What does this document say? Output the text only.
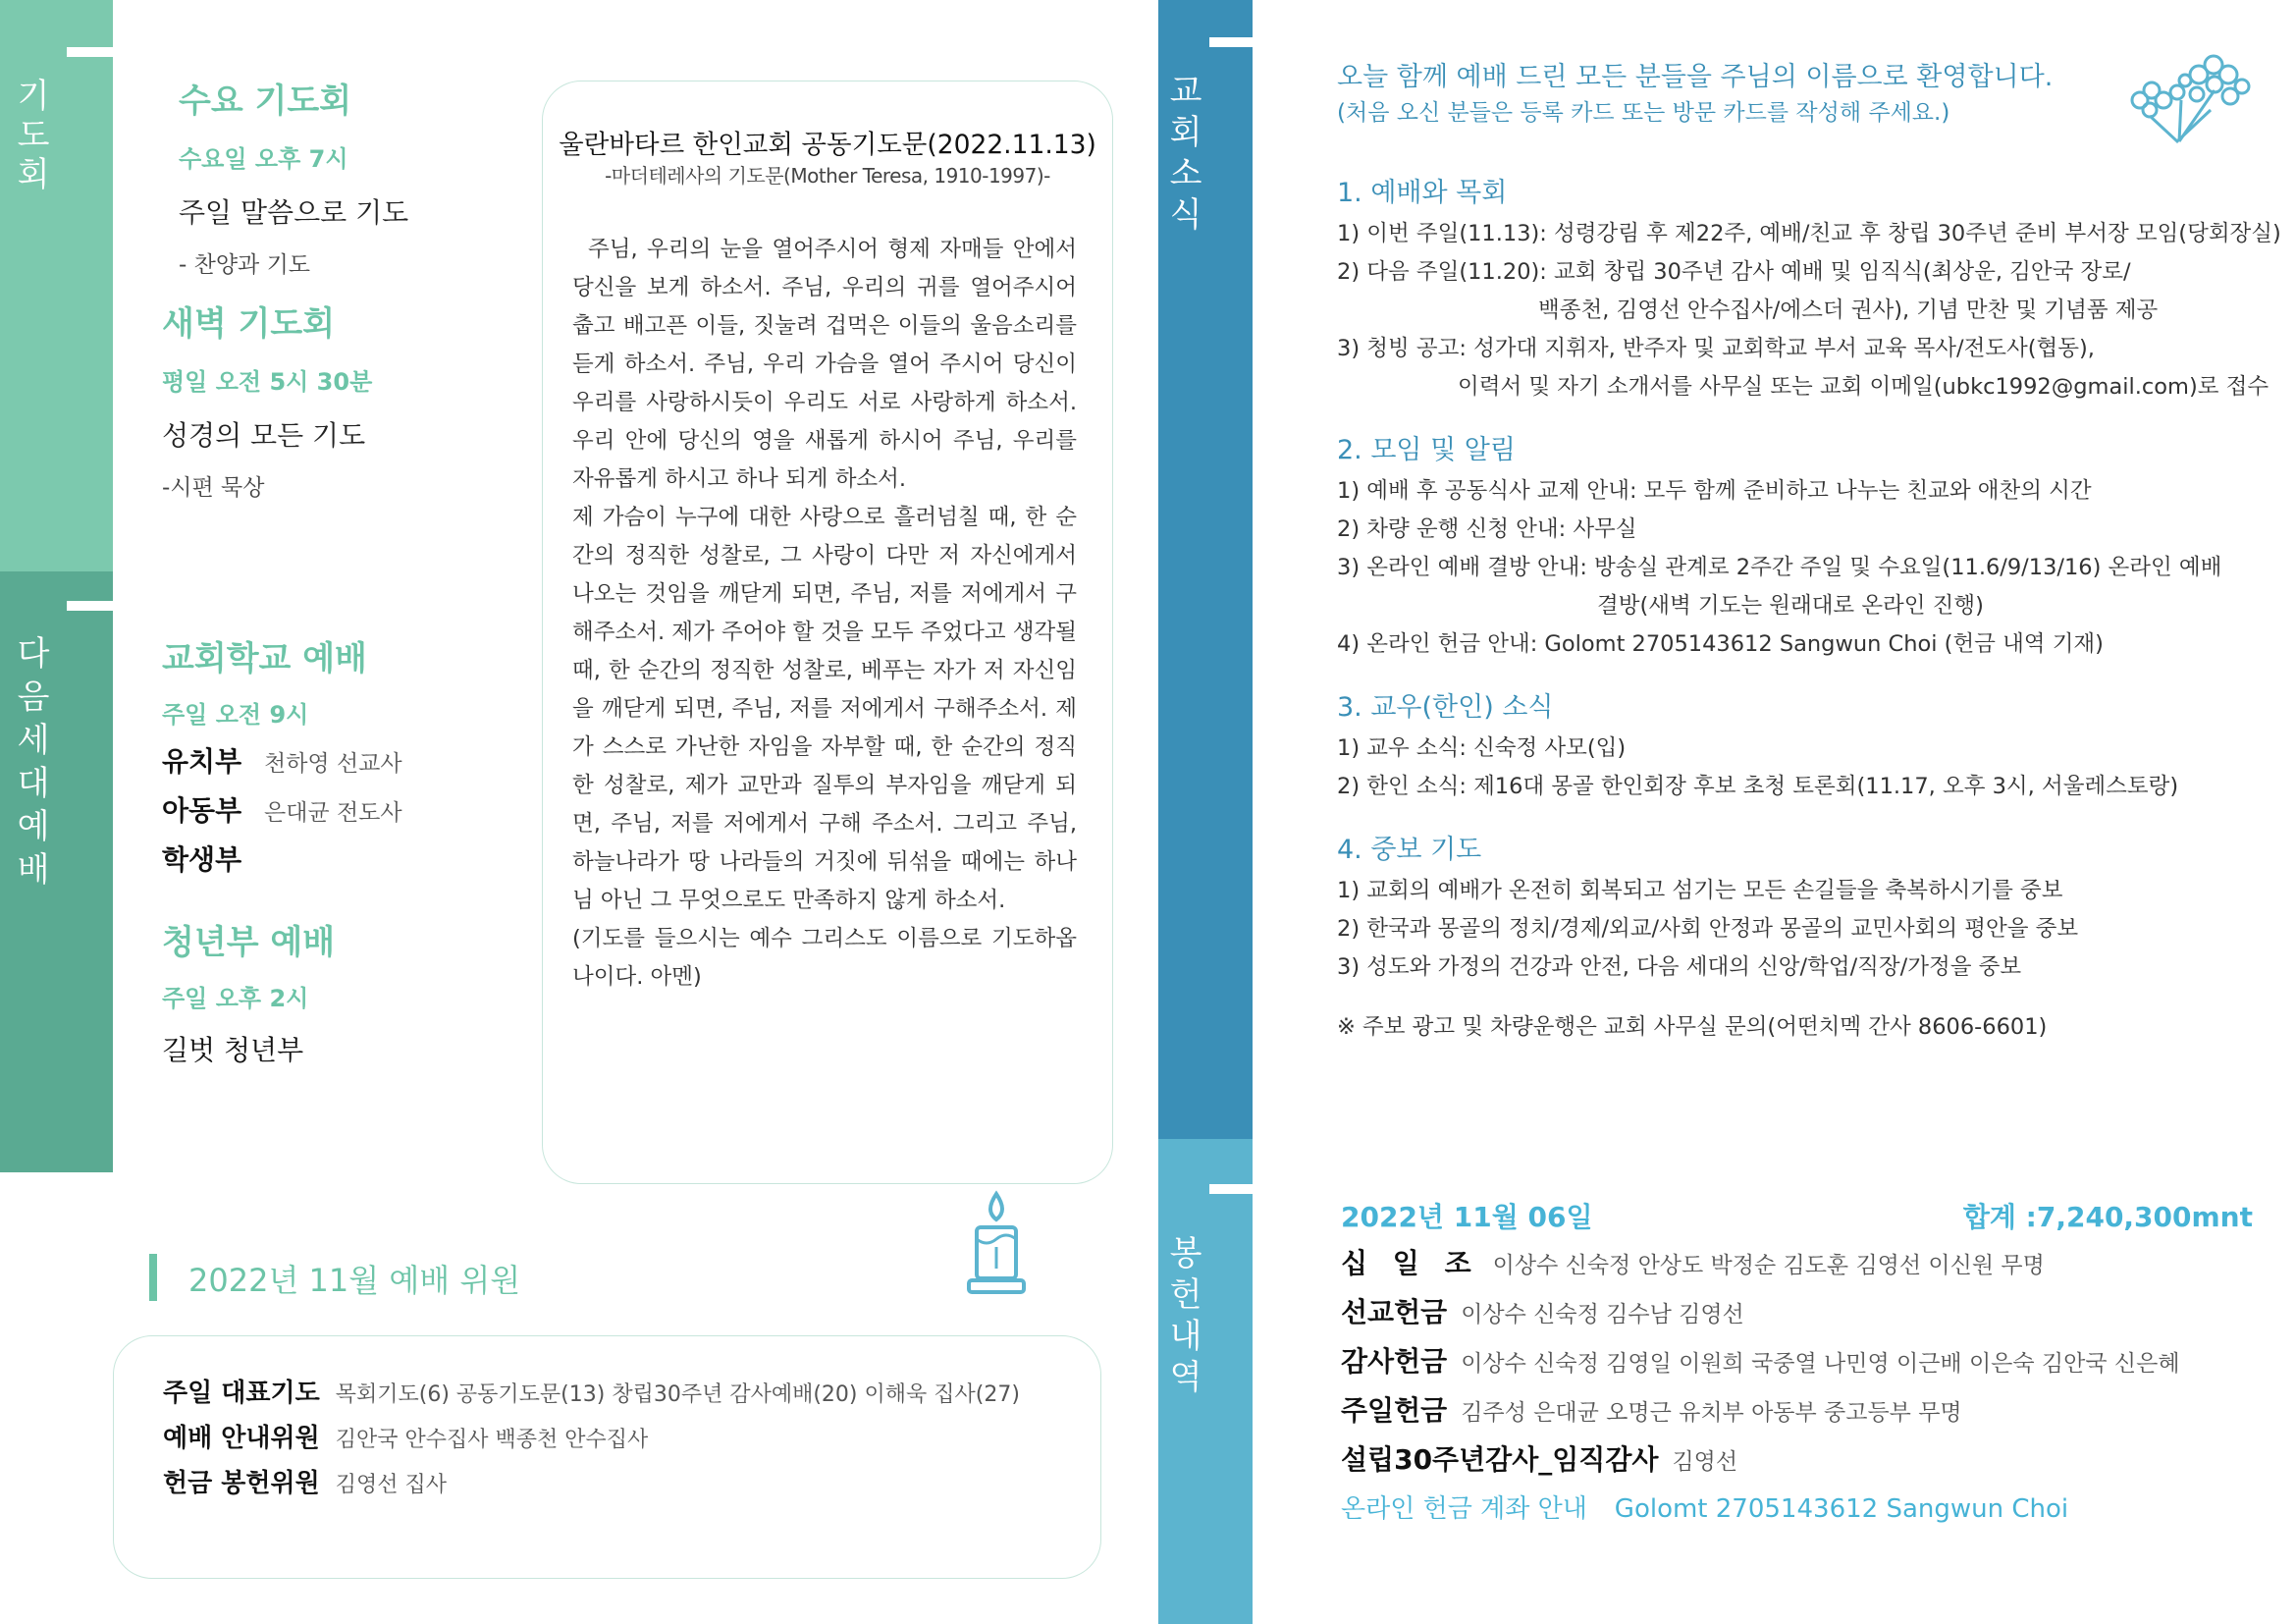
기
도
회
다
음
세
대
예
배
수요 기도회
수요일 오후 7시
주일 말씀으로 기도
- 찬양과 기도
새벽 기도회
평일 오전 5시 30분
성경의 모든 기도
-시편 묵상
교회학교 예배
주일 오전 9시
유치부 천하영 선교사
아동부 은대균 전도사
학생부
청년부 예배
주일 오후 2시
길벗 청년부
울란바타르 한인교회 공동기도문(2022.11.13)
-마더테레사의 기도문(Mother Teresa, 1910-1997)-

주님, 우리의 눈을 열어주시어 형제 자매들 안에서 당신을 보게 하소서. 주님, 우리의 귀를 열어주시어 춥고 배고픈 이들, 짓눌려 겁먹은 이들의 울음소리를 듣게 하소서. 주님, 우리 가슴을 열어 주시어 당신이 우리를 사랑하시듯이 우리도 서로 사랑하게 하소서. 우리 안에 당신의 영을 새롭게 하시어 주님, 우리를 자유롭게 하시고 하나 되게 하소서.

제 가슴이 누구에 대한 사랑으로 흘러넘칠 때, 한 순간의 정직한 성찰로, 그 사랑이 다만 저 자신에게서 나오는 것임을 깨닫게 되면, 주님, 저를 저에게서 구해주소서. 제가 주어야 할 것을 모두 주었다고 생각될 때, 한 순간의 정직한 성찰로, 베푸는 자가 저 자신임을 깨닫게 되면, 주님, 저를 저에게서 구해주소서. 제가 스스로 가난한 자임을 자부할 때, 한 순간의 정직한 성찰로, 제가 교만과 질투의 부자임을 깨닫게 되면, 주님, 저를 저에게서 구해 주소서. 그리고 주님, 하늘나라가 땅 나라들의 거짓에 뒤섞을 때에는 하나님 아닌 그 무엇으로도 만족하지 않게 하소서.

(기도를 들으시는 예수 그리스도 이름으로 기도하옵나이다. 아멘)

2022년 11월 예배 위원
주일 대표기도 목회기도(6) 공동기도문(13) 창립30주년 감사예배(20) 이해욱 집사(27)
예배 안내위원 김안국 안수집사 백종천 안수집사
헌금 봉헌위원 김영선 집사
교
회
소
식
봉
헌
내
역
오늘 함께 예배 드린 모든 분들을 주님의 이름으로 환영합니다.
(처음 오신 분들은 등록 카드 또는 방문 카드를 작성해 주세요.)
1. 예배와 목회
1) 이번 주일(11.13): 성령강림 후 제22주, 예배/친교 후 창립 30주년 준비 부서장 모임(당회장실)
2) 다음 주일(11.20): 교회 창립 30주년 감사 예배 및 임직식(최상운, 김안국 장로/
백종천, 김영선 안수집사/에스더 권사), 기념 만찬 및 기념품 제공
3) 청빙 공고: 성가대 지휘자, 반주자 및 교회학교 부서 교육 목사/전도사(협동),
이력서 및 자기 소개서를 사무실 또는 교회 이메일(ubkc1992@gmail.com)로 접수
2. 모임 및 알림
1) 예배 후 공동식사 교제 안내: 모두 함께 준비하고 나누는 친교와 애찬의 시간
2) 차량 운행 신청 안내: 사무실
3) 온라인 예배 결방 안내: 방송실 관계로 2주간 주일 및 수요일(11.6/9/13/16) 온라인 예배
결방(새벽 기도는 원래대로 온라인 진행)
4) 온라인 헌금 안내: Golomt 2705143612 Sangwun Choi (헌금 내역 기재)
3. 교우(한인) 소식
1) 교우 소식: 신숙정 사모(입)
2) 한인 소식: 제16대 몽골 한인회장 후보 초청 토론회(11.17, 오후 3시, 서울레스토랑)
4. 중보 기도
1) 교회의 예배가 온전히 회복되고 섬기는 모든 손길들을 축복하시기를 중보
2) 한국과 몽골의 정치/경제/외교/사회 안정과 몽골의 교민사회의 평안을 중보
3) 성도와 가정의 건강과 안전, 다음 세대의 신앙/학업/직장/가정을 중보
※ 주보 광고 및 차량운행은 교회 사무실 문의(어떤치멕 간사 8606-6601)
2022년 11월 06일	합계 :7,240,300mnt
십 일 조 이상수 신숙정 안상도 박정순 김도훈 김영선 이신원 무명
선교헌금 이상수 신숙정 김수남 김영선
감사헌금 이상수 신숙정 김영일 이원희 국중열 나민영 이근배 이은숙 김안국 신은혜
주일헌금 김주성 은대균 오명근 유치부 아동부 중고등부 무명
설립30주년감사_임직감사 김영선
온라인 헌금 계좌 안내 Golomt 2705143612 Sangwun Choi
